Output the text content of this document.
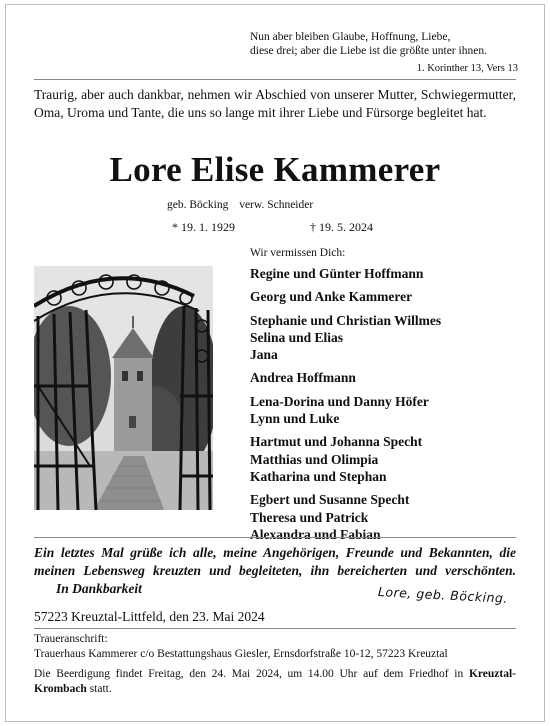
Nun aber bleiben Glaube, Hoffnung, Liebe,
diese drei; aber die Liebe ist die größte unter ihnen.
1. Korinther 13, Vers 13
Traurig, aber auch dankbar, nehmen wir Abschied von unserer Mutter, Schwiegermutter, Oma, Uroma und Tante, die uns so lange mit ihrer Liebe und Fürsorge begleitet hat.
Lore Elise Kammerer
geb. Böcking verw. Schneider
* 19. 1. 1929	† 19. 5. 2024
Wir vermissen Dich:
Regine und Günter Hoffmann
Georg und Anke Kammerer
Stephanie und Christian Willmes
Selina und Elias
Jana
Andrea Hoffmann
Lena-Dorina und Danny Höfer
Lynn und Luke
Hartmut und Johanna Specht
Matthias und Olimpia
Katharina und Stephan
Egbert und Susanne Specht
Theresa und Patrick
Alexandra und Fabian
Ein letztes Mal grüße ich alle, meine Angehörigen, Freunde und Bekannten, die meinen Lebensweg kreuzten und begleiteten, ihn bereicherten und verschönten. In Dankbarkeit	Lore, geb. Böcking.
57223 Kreuztal-Littfeld, den 23. Mai 2024
Traueranschrift:
Trauerhaus Kammerer c/o Bestattungshaus Giesler, Ernsdorfstraße 10-12, 57223 Kreuztal
Die Beerdigung findet Freitag, den 24. Mai 2024, um 14.00 Uhr auf dem Friedhof in Kreuztal-Krombach statt.
